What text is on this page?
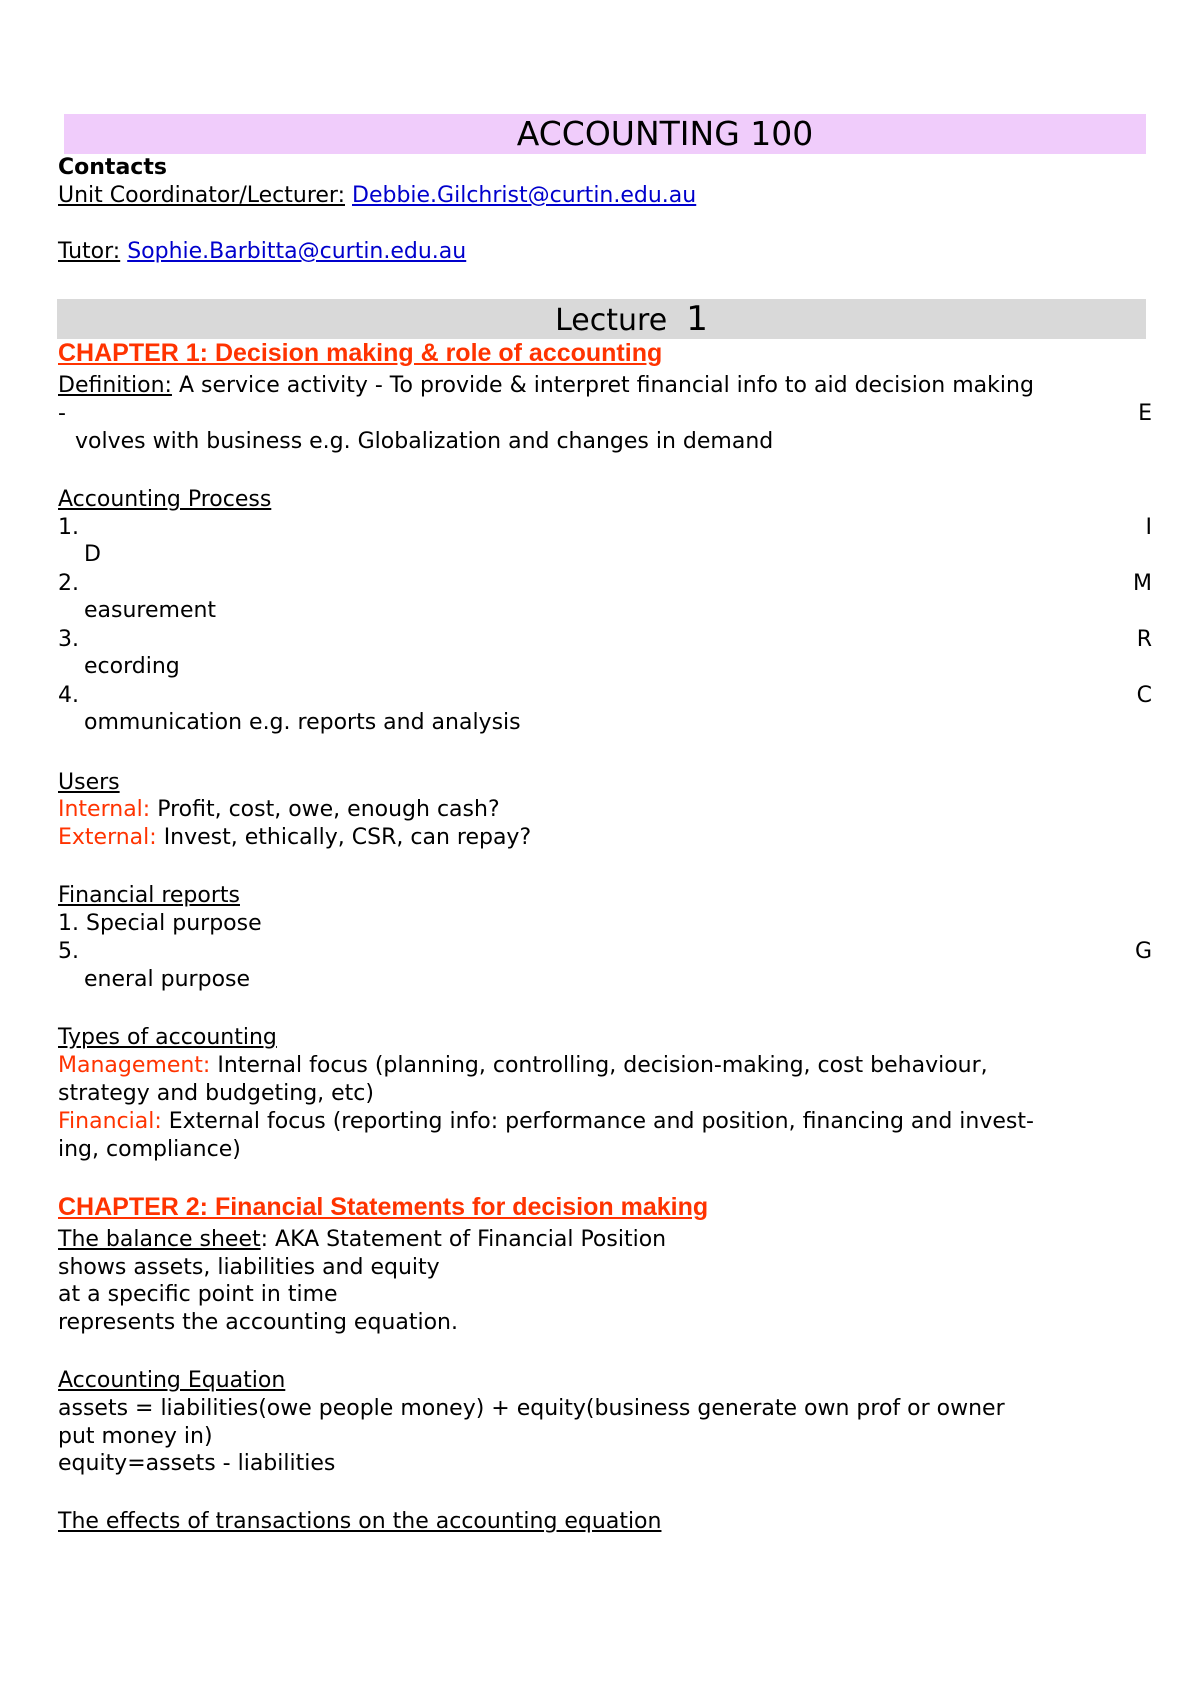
ACCOUNTING 100
Contacts
Unit Coordinator/Lecturer: Debbie.Gilchrist@curtin.edu.au
Tutor: Sophie.Barbitta@curtin.edu.au
Lecture 1
CHAPTER 1: Decision making & role of accounting
Definition: A service activity - To provide & interpret financial info to aid decision making
-	E
volves with business e.g. Globalization and changes in demand
Accounting Process
1.	I
D
2.	M
easurement
3.	R
ecording
4.	C
ommunication e.g. reports and analysis
Users
Internal: Profit, cost, owe, enough cash?
External: Invest, ethically, CSR, can repay?
Financial reports
1. Special purpose
5.	G
eneral purpose
Types of accounting
Management: Internal focus (planning, controlling, decision-making, cost behaviour,
strategy and budgeting, etc)
Financial: External focus (reporting info: performance and position, financing and invest-
ing, compliance)
CHAPTER 2: Financial Statements for decision making
The balance sheet: AKA Statement of Financial Position
shows assets, liabilities and equity
at a specific point in time
represents the accounting equation.
Accounting Equation
assets = liabilities(owe people money) + equity(business generate own prof or owner
put money in)
equity=assets - liabilities
The effects of transactions on the accounting equation
